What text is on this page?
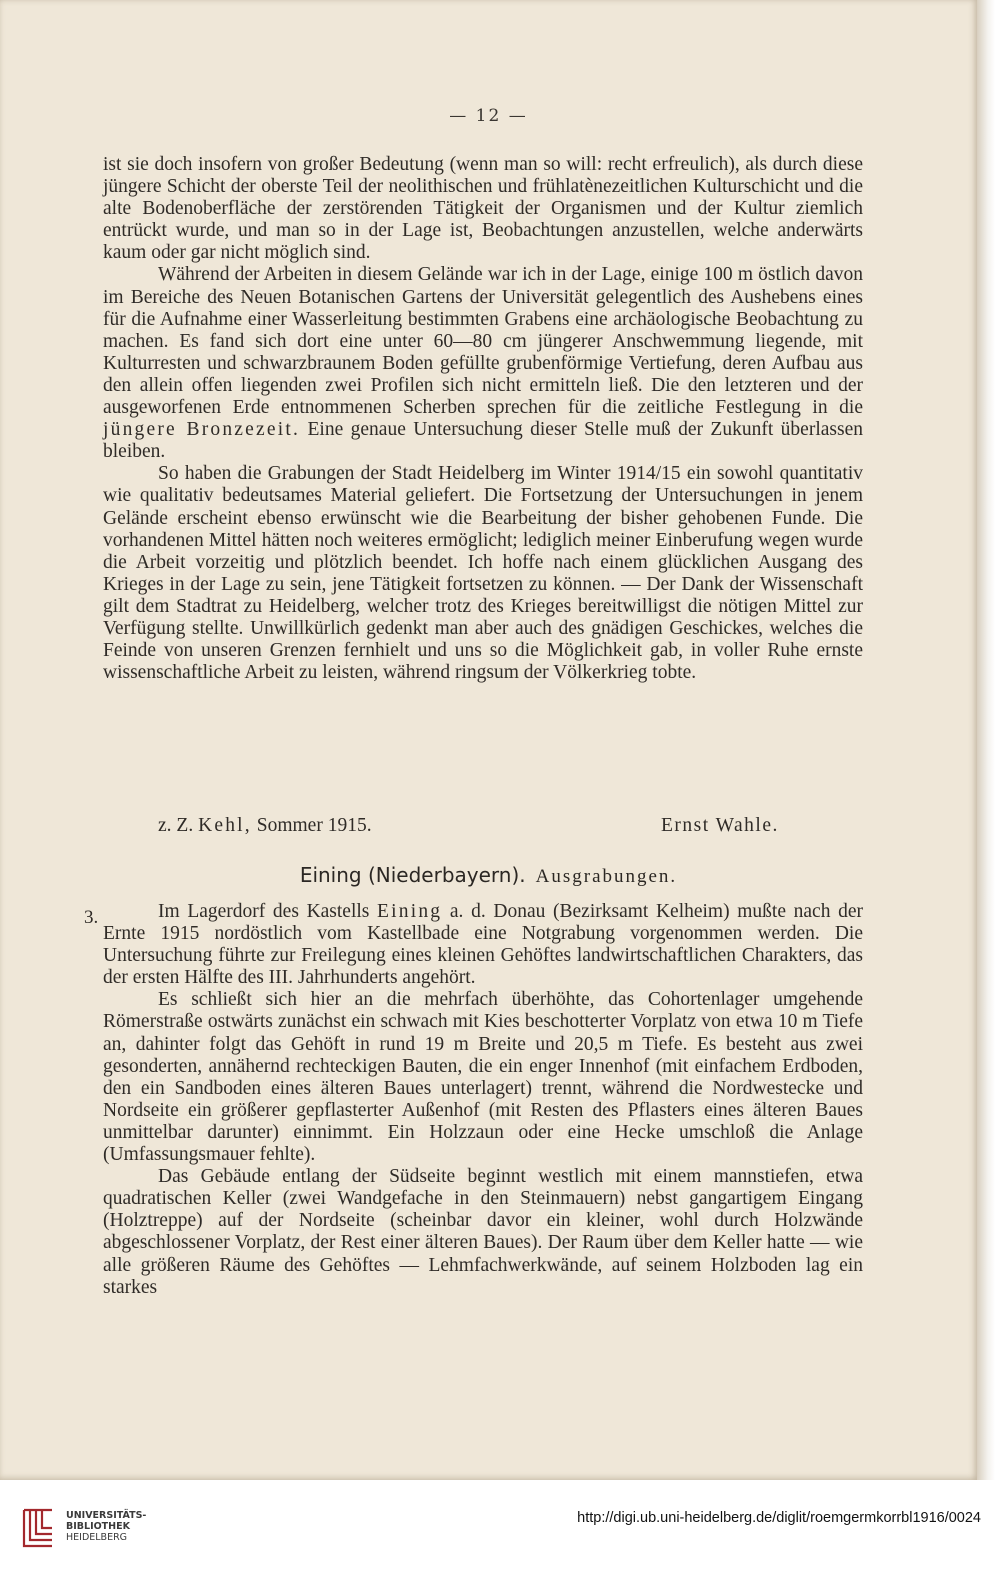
— 12 —

ist sie doch insofern von großer Bedeutung (wenn man so will: recht erfreulich), als durch diese jüngere Schicht der oberste Teil der neolithischen und frühlatènezeitlichen Kulturschicht und die alte Bodenoberfläche der zerstörenden Tätigkeit der Organismen und der Kultur ziemlich entrückt wurde, und man so in der Lage ist, Beobachtungen anzustellen, welche anderwärts kaum oder gar nicht möglich sind.

Während der Arbeiten in diesem Gelände war ich in der Lage, einige 100 m östlich davon im Bereiche des Neuen Botanischen Gartens der Universität gelegentlich des Aushebens eines für die Aufnahme einer Wasserleitung bestimmten Grabens eine archäologische Beobachtung zu machen. Es fand sich dort eine unter 60—80 cm jüngerer Anschwemmung liegende, mit Kulturresten und schwarzbraunem Boden gefüllte grubenförmige Vertiefung, deren Aufbau aus den allein offen liegenden zwei Profilen sich nicht ermitteln ließ. Die den letzteren und der ausgeworfenen Erde entnommenen Scherben sprechen für die zeitliche Festlegung in die jüngere Bronzezeit. Eine genaue Untersuchung dieser Stelle muß der Zukunft überlassen bleiben.

So haben die Grabungen der Stadt Heidelberg im Winter 1914/15 ein sowohl quantitativ wie qualitativ bedeutsames Material geliefert. Die Fortsetzung der Untersuchungen in jenem Gelände erscheint ebenso erwünscht wie die Bearbeitung der bisher gehobenen Funde. Die vorhandenen Mittel hätten noch weiteres ermöglicht; lediglich meiner Einberufung wegen wurde die Arbeit vorzeitig und plötzlich beendet. Ich hoffe nach einem glücklichen Ausgang des Krieges in der Lage zu sein, jene Tätigkeit fortsetzen zu können. — Der Dank der Wissenschaft gilt dem Stadtrat zu Heidelberg, welcher trotz des Krieges bereitwilligst die nötigen Mittel zur Verfügung stellte. Unwillkürlich gedenkt man aber auch des gnädigen Geschickes, welches die Feinde von unseren Grenzen fernhielt und uns so die Möglichkeit gab, in voller Ruhe ernste wissenschaftliche Arbeit zu leisten, während ringsum der Völkerkrieg tobte.

z. Z. Kehl, Sommer 1915.	Ernst Wahle.
Eining (Niederbayern). Ausgrabungen.
3.	Im Lagerdorf des Kastells Eining a. d. Donau (Bezirksamt Kelheim) mußte nach der Ernte 1915 nordöstlich vom Kastellbade eine Notgrabung vorgenommen werden. Die Untersuchung führte zur Freilegung eines kleinen Gehöftes landwirtschaftlichen Charakters, das der ersten Hälfte des III. Jahrhunderts angehört.

Es schließt sich hier an die mehrfach überhöhte, das Cohortenlager umgehende Römerstraße ostwärts zunächst ein schwach mit Kies beschotterter Vorplatz von etwa 10 m Tiefe an, dahinter folgt das Gehöft in rund 19 m Breite und 20,5 m Tiefe. Es besteht aus zwei gesonderten, annähernd rechteckigen Bauten, die ein enger Innenhof (mit einfachem Erdboden, den ein Sandboden eines älteren Baues unterlagert) trennt, während die Nordwestecke und Nordseite ein größerer gepflasterter Außenhof (mit Resten des Pflasters eines älteren Baues unmittelbar darunter) einnimmt. Ein Holzzaun oder eine Hecke umschloß die Anlage (Umfassungsmauer fehlte).

Das Gebäude entlang der Südseite beginnt westlich mit einem mannstiefen, etwa quadratischen Keller (zwei Wandgefache in den Steinmauern) nebst gangartigem Eingang (Holztreppe) auf der Nordseite (scheinbar davor ein kleiner, wohl durch Holzwände abgeschlossener Vorplatz, der Rest einer älteren Baues). Der Raum über dem Keller hatte — wie alle größeren Räume des Gehöftes — Lehmfachwerkwände, auf seinem Holzboden lag ein starkes

UNIVERSITÄTS-
BIBLIOTHEK
HEIDELBERG
http://digi.ub.uni-heidelberg.de/diglit/roemgermkorrbl1916/0024
